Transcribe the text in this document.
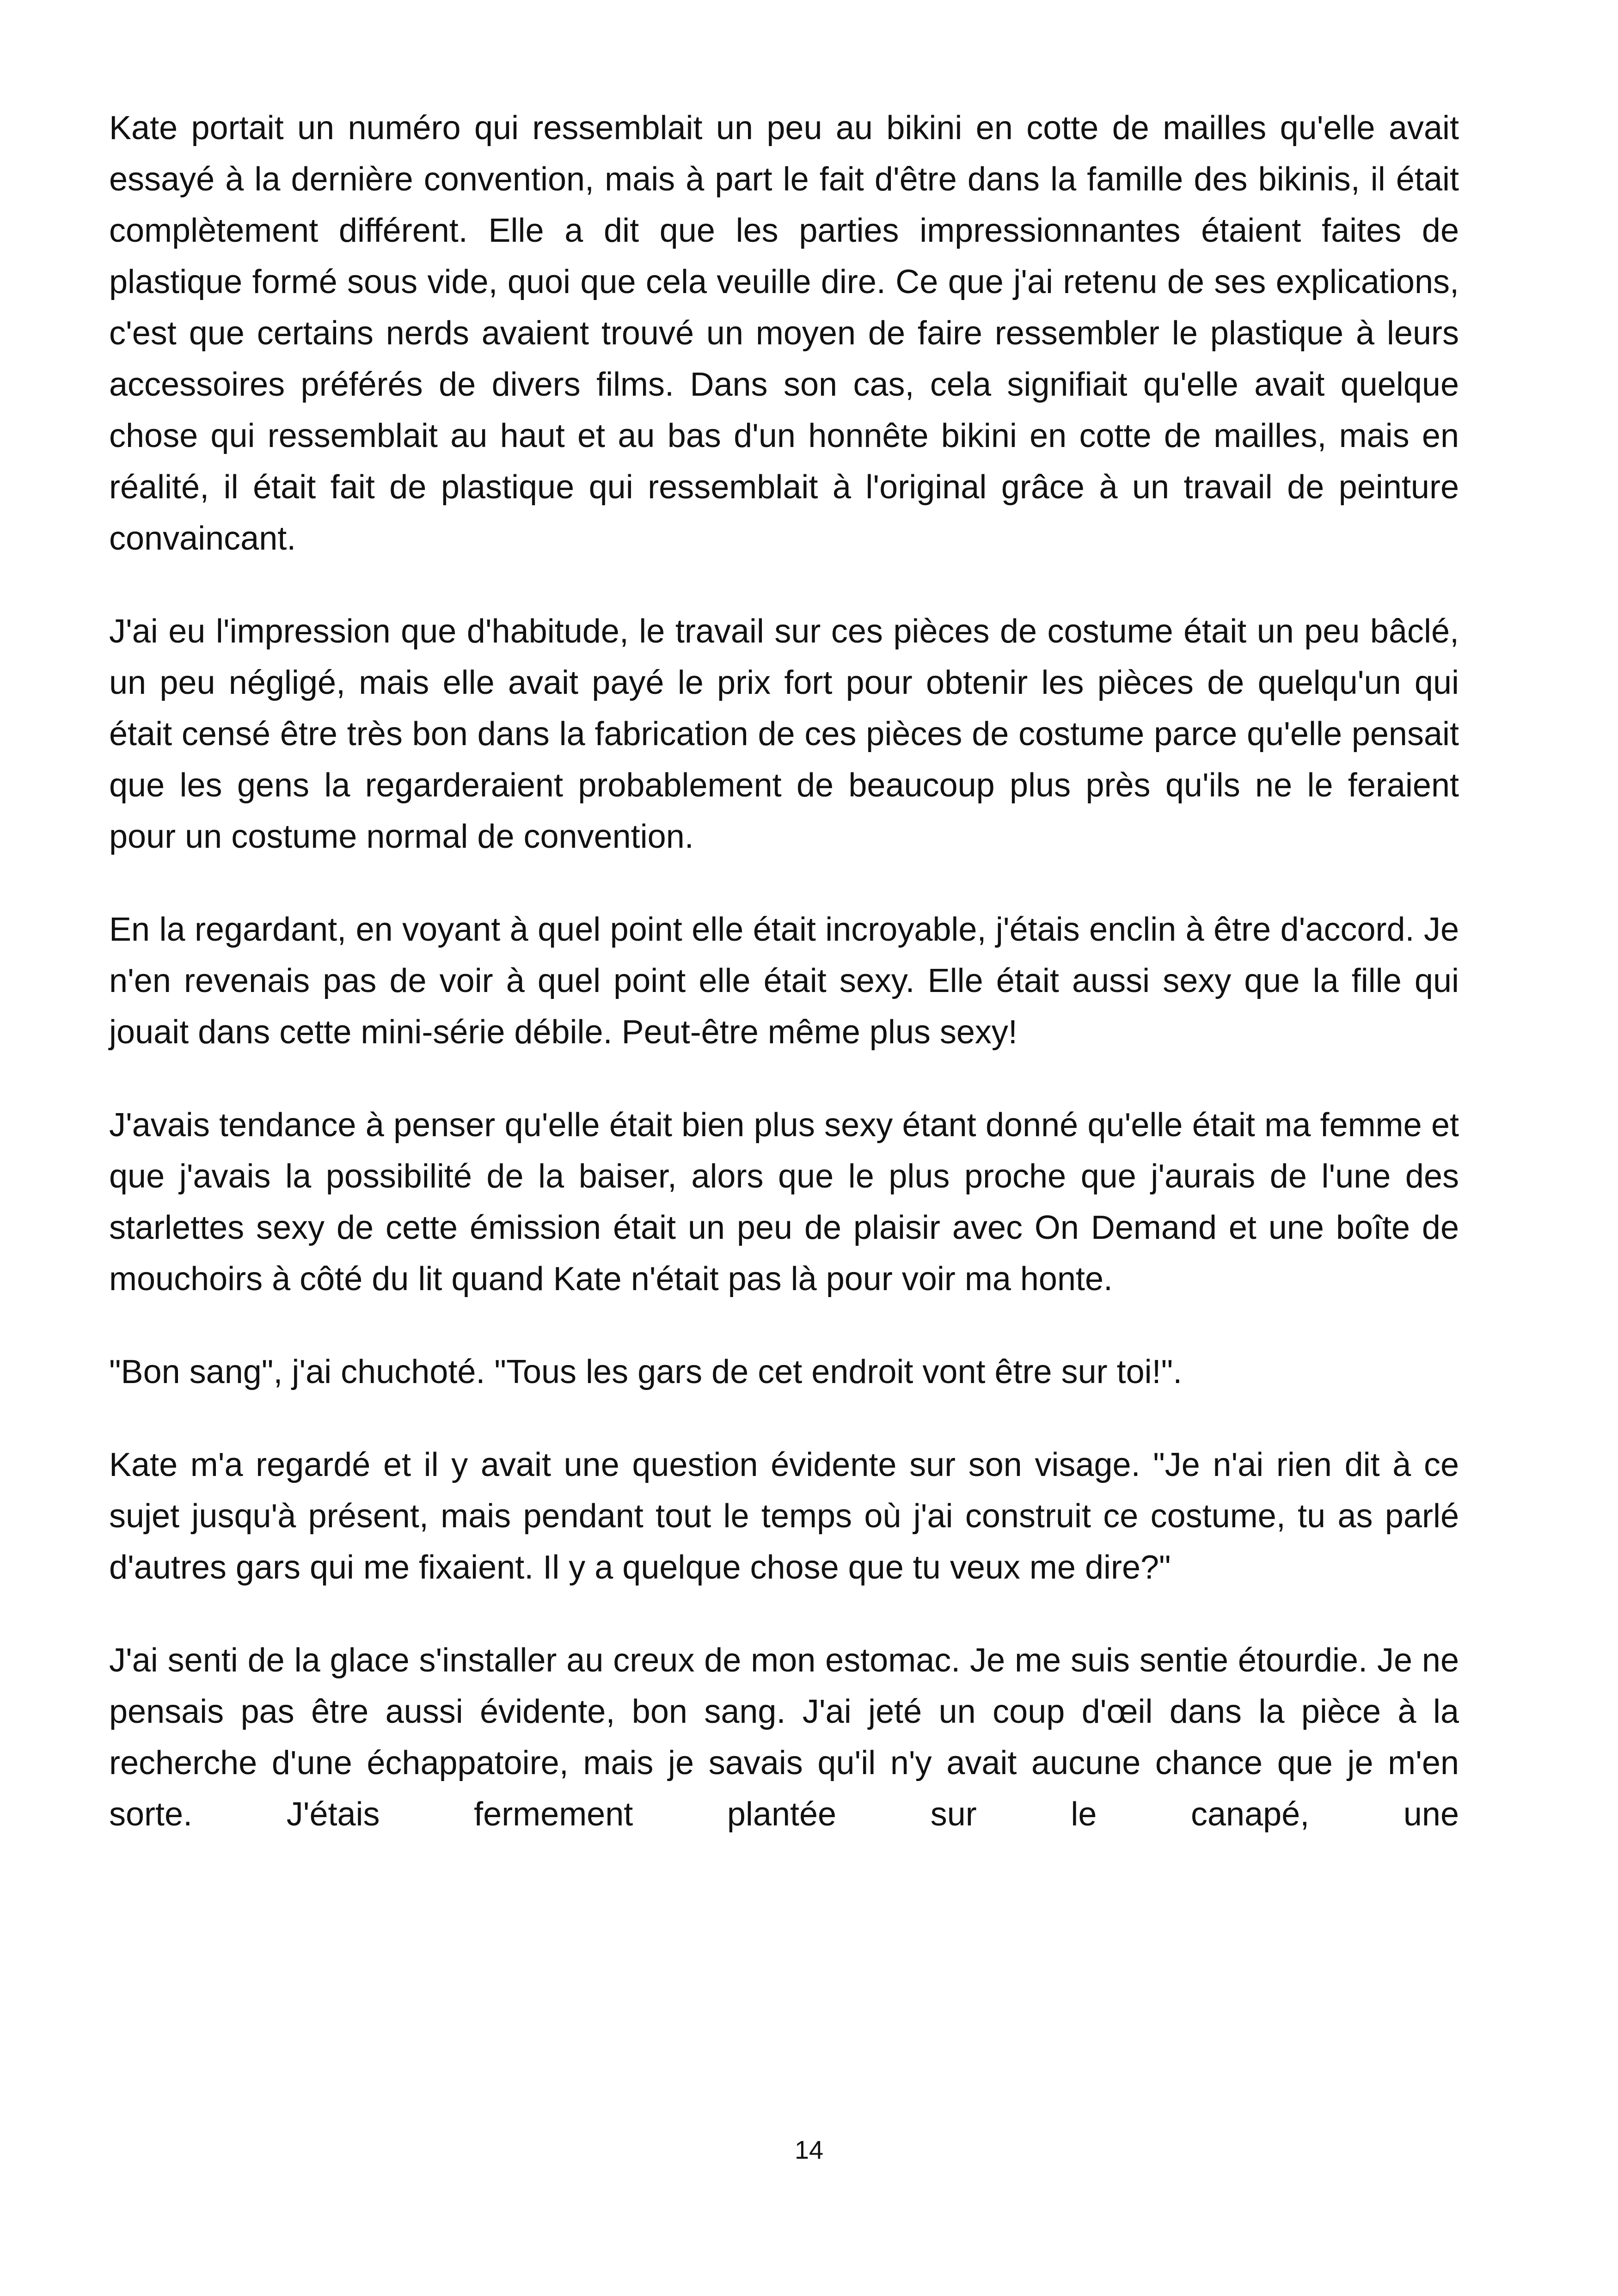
Kate portait un numéro qui ressemblait un peu au bikini en cotte de mailles qu'elle avait essayé à la dernière convention, mais à part le fait d'être dans la famille des bikinis, il était complètement différent. Elle a dit que les parties impressionnantes étaient faites de plastique formé sous vide, quoi que cela veuille dire. Ce que j'ai retenu de ses explications, c'est que certains nerds avaient trouvé un moyen de faire ressembler le plastique à leurs accessoires préférés de divers films. Dans son cas, cela signifiait qu'elle avait quelque chose qui ressemblait au haut et au bas d'un honnête bikini en cotte de mailles, mais en réalité, il était fait de plastique qui ressemblait à l'original grâce à un travail de peinture convaincant.

J'ai eu l'impression que d'habitude, le travail sur ces pièces de costume était un peu bâclé, un peu négligé, mais elle avait payé le prix fort pour obtenir les pièces de quelqu'un qui était censé être très bon dans la fabrication de ces pièces de costume parce qu'elle pensait que les gens la regarderaient probablement de beaucoup plus près qu'ils ne le feraient pour un costume normal de convention.

En la regardant, en voyant à quel point elle était incroyable, j'étais enclin à être d'accord. Je n'en revenais pas de voir à quel point elle était sexy. Elle était aussi sexy que la fille qui jouait dans cette mini-série débile. Peut-être même plus sexy!

J'avais tendance à penser qu'elle était bien plus sexy étant donné qu'elle était ma femme et que j'avais la possibilité de la baiser, alors que le plus proche que j'aurais de l'une des starlettes sexy de cette émission était un peu de plaisir avec On Demand et une boîte de mouchoirs à côté du lit quand Kate n'était pas là pour voir ma honte.

"Bon sang", j'ai chuchoté. "Tous les gars de cet endroit vont être sur toi!".

Kate m'a regardé et il y avait une question évidente sur son visage. "Je n'ai rien dit à ce sujet jusqu'à présent, mais pendant tout le temps où j'ai construit ce costume, tu as parlé d'autres gars qui me fixaient. Il y a quelque chose que tu veux me dire?"

J'ai senti de la glace s'installer au creux de mon estomac. Je me suis sentie étourdie. Je ne pensais pas être aussi évidente, bon sang. J'ai jeté un coup d'œil dans la pièce à la recherche d'une échappatoire, mais je savais qu'il n'y avait aucune chance que je m'en sorte. J'étais fermement plantée sur le canapé, une

14
